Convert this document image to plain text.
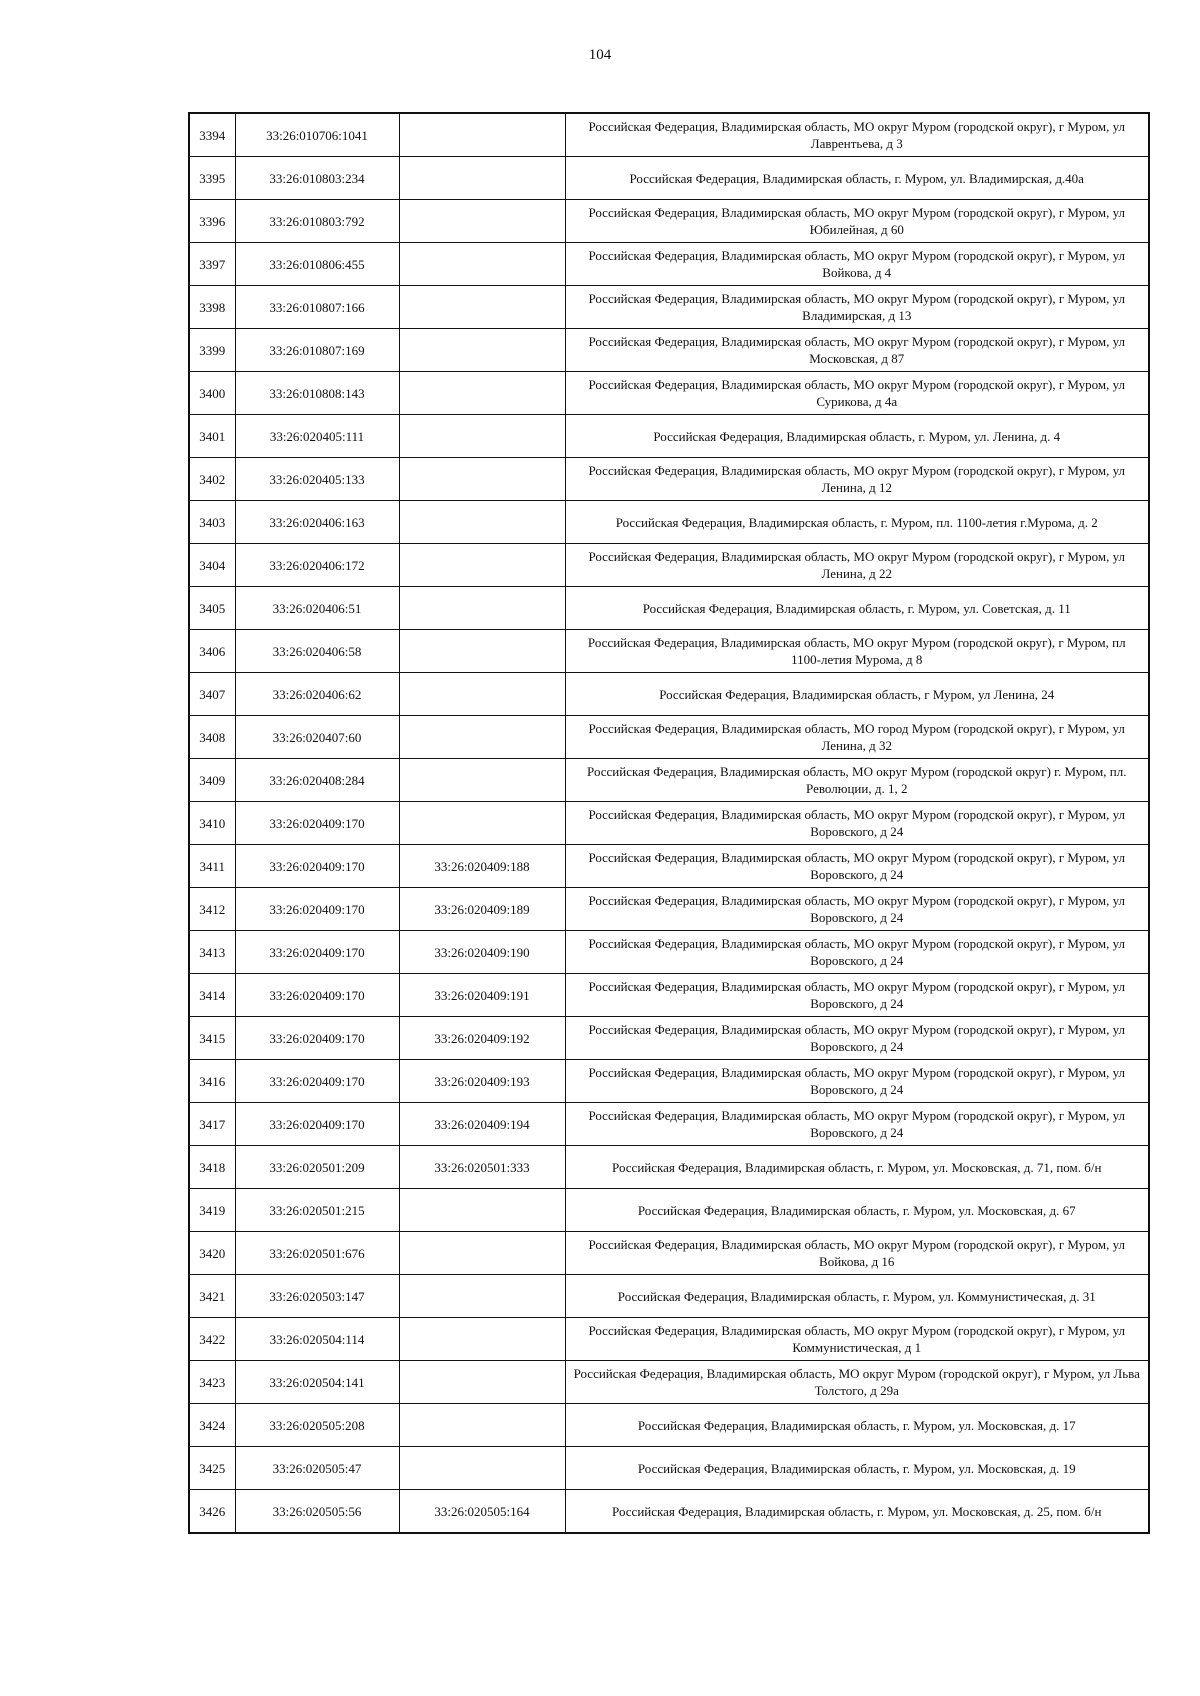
104
3394	33:26:010706:1041		Российская Федерация, Владимирская область, МО округ Муром (городской округ), г Муром, ул Лаврентьева, д 3
3395	33:26:010803:234		Российская Федерация, Владимирская область, г. Муром, ул. Владимирская, д.40а
3396	33:26:010803:792		Российская Федерация, Владимирская область, МО округ Муром (городской округ), г Муром, ул Юбилейная, д 60
3397	33:26:010806:455		Российская Федерация, Владимирская область, МО округ Муром (городской округ), г Муром, ул Войкова, д 4
3398	33:26:010807:166		Российская Федерация, Владимирская область, МО округ Муром (городской округ), г Муром, ул Владимирская, д 13
3399	33:26:010807:169		Российская Федерация, Владимирская область, МО округ Муром (городской округ), г Муром, ул Московская, д 87
3400	33:26:010808:143		Российская Федерация, Владимирская область, МО округ Муром (городской округ), г Муром, ул Сурикова, д 4а
3401	33:26:020405:111		Российская Федерация, Владимирская область, г. Муром, ул. Ленина, д. 4
3402	33:26:020405:133		Российская Федерация, Владимирская область, МО округ Муром (городской округ), г Муром, ул Ленина, д 12
3403	33:26:020406:163		Российская Федерация, Владимирская область, г. Муром, пл. 1100-летия г.Мурома, д. 2
3404	33:26:020406:172		Российская Федерация, Владимирская область, МО округ Муром (городской округ), г Муром, ул Ленина, д 22
3405	33:26:020406:51		Российская Федерация, Владимирская область, г. Муром, ул. Советская, д. 11
3406	33:26:020406:58		Российская Федерация, Владимирская область, МО округ Муром (городской округ), г Муром, пл 1100-летия Мурома, д 8
3407	33:26:020406:62		Российская Федерация, Владимирская область, г Муром, ул Ленина, 24
3408	33:26:020407:60		Российская Федерация, Владимирская область, МО город Муром (городской округ), г Муром, ул Ленина, д 32
3409	33:26:020408:284		Российская Федерация, Владимирская область, МО округ Муром (городской округ) г. Муром, пл. Революции, д. 1, 2
3410	33:26:020409:170		Российская Федерация, Владимирская область, МО округ Муром (городской округ), г Муром, ул Воровского, д 24
3411	33:26:020409:170	33:26:020409:188	Российская Федерация, Владимирская область, МО округ Муром (городской округ), г Муром, ул Воровского, д 24
3412	33:26:020409:170	33:26:020409:189	Российская Федерация, Владимирская область, МО округ Муром (городской округ), г Муром, ул Воровского, д 24
3413	33:26:020409:170	33:26:020409:190	Российская Федерация, Владимирская область, МО округ Муром (городской округ), г Муром, ул Воровского, д 24
3414	33:26:020409:170	33:26:020409:191	Российская Федерация, Владимирская область, МО округ Муром (городской округ), г Муром, ул Воровского, д 24
3415	33:26:020409:170	33:26:020409:192	Российская Федерация, Владимирская область, МО округ Муром (городской округ), г Муром, ул Воровского, д 24
3416	33:26:020409:170	33:26:020409:193	Российская Федерация, Владимирская область, МО округ Муром (городской округ), г Муром, ул Воровского, д 24
3417	33:26:020409:170	33:26:020409:194	Российская Федерация, Владимирская область, МО округ Муром (городской округ), г Муром, ул Воровского, д 24
3418	33:26:020501:209	33:26:020501:333	Российская Федерация, Владимирская область, г. Муром, ул. Московская, д. 71, пом. б/н
3419	33:26:020501:215		Российская Федерация, Владимирская область, г. Муром, ул. Московская, д. 67
3420	33:26:020501:676		Российская Федерация, Владимирская область, МО округ Муром (городской округ), г Муром, ул Войкова, д 16
3421	33:26:020503:147		Российская Федерация, Владимирская область, г. Муром, ул. Коммунистическая, д. 31
3422	33:26:020504:114		Российская Федерация, Владимирская область, МО округ Муром (городской округ), г Муром, ул Коммунистическая, д 1
3423	33:26:020504:141		Российская Федерация, Владимирская область, МО округ Муром (городской округ), г Муром, ул Льва Толстого, д 29а
3424	33:26:020505:208		Российская Федерация, Владимирская область, г. Муром, ул. Московская, д. 17
3425	33:26:020505:47		Российская Федерация, Владимирская область, г. Муром, ул. Московская, д. 19
3426	33:26:020505:56	33:26:020505:164	Российская Федерация, Владимирская область, г. Муром, ул. Московская, д. 25, пом. б/н
